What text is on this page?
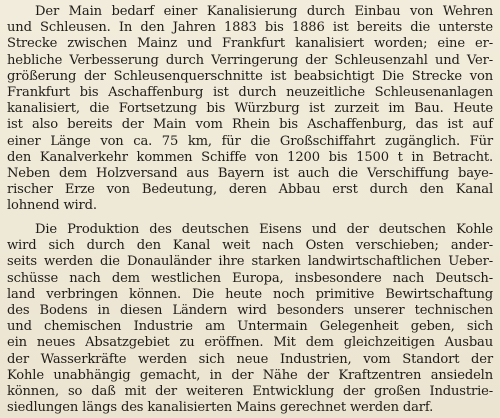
Der Main bedarf einer Kanalisierung durch Einbau von Wehren
und Schleusen. In den Jahren 1883 bis 1886 ist bereits die unterste
Strecke zwischen Mainz und Frankfurt kanalisiert worden; eine er-
hebliche Verbesserung durch Verringerung der Schleusenzahl und Ver-
größerung der Schleusenquerschnitte ist beabsichtigt Die Strecke von
Frankfurt bis Aschaffenburg ist durch neuzeitliche Schleusenanlagen
kanalisiert, die Fortsetzung bis Würzburg ist zurzeit im Bau. Heute
ist also bereits der Main vom Rhein bis Aschaffenburg, das ist auf
einer Länge von ca. 75 km, für die Großschiffahrt zugänglich. Für
den Kanalverkehr kommen Schiffe von 1200 bis 1500 t in Betracht.
Neben dem Holzversand aus Bayern ist auch die Verschiffung baye-
rischer Erze von Bedeutung, deren Abbau erst durch den Kanal
lohnend wird.
Die Produktion des deutschen Eisens und der deutschen Kohle
wird sich durch den Kanal weit nach Osten verschieben; ander-
seits werden die Donauländer ihre starken landwirtschaftlichen Ueber-
schüsse nach dem westlichen Europa, insbesondere nach Deutsch-
land verbringen können. Die heute noch primitive Bewirtschaftung
des Bodens in diesen Ländern wird besonders unserer technischen
und chemischen Industrie am Untermain Gelegenheit geben, sich
ein neues Absatzgebiet zu eröffnen. Mit dem gleichzeitigen Ausbau
der Wasserkräfte werden sich neue Industrien, vom Standort der
Kohle unabhängig gemacht, in der Nähe der Kraftzentren ansiedeln
können, so daß mit der weiteren Entwicklung der großen Industrie-
siedlungen längs des kanalisierten Mains gerechnet werden darf.
